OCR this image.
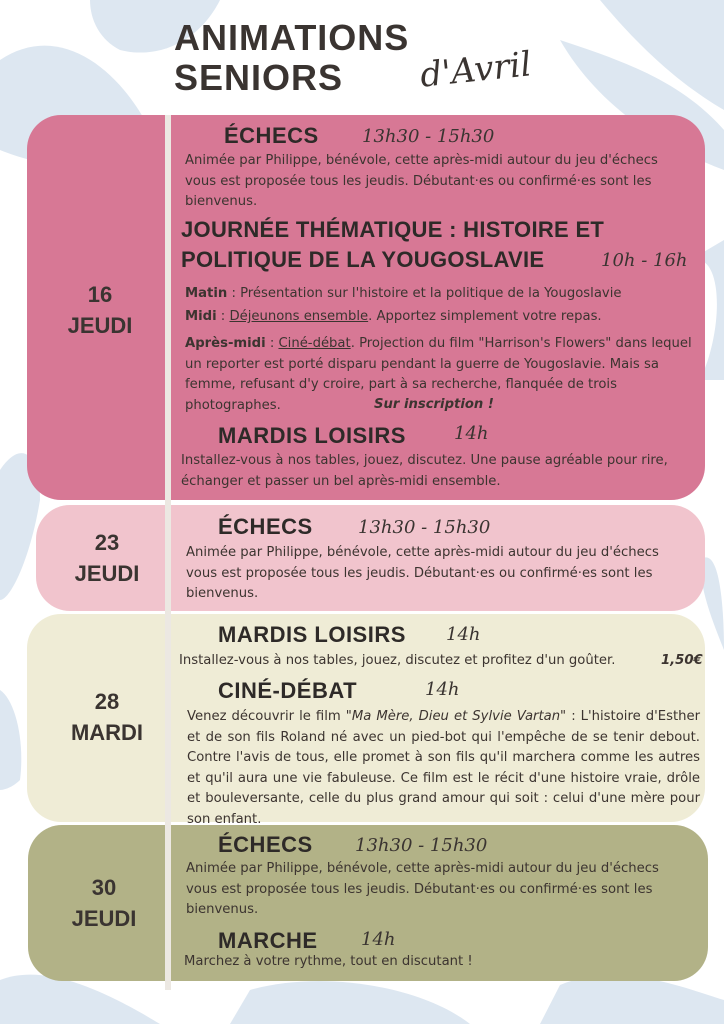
ANIMATIONS
SENIORS	d'Avril
16
JEUDI
ÉCHECS 13h30 - 15h30
Animée par Philippe, bénévole, cette après-midi autour du jeu d'échecs vous est proposée tous les jeudis. Débutant·es ou confirmé·es sont les bienvenus.
JOURNÉE THÉMATIQUE : HISTOIRE ET
POLITIQUE DE LA YOUGOSLAVIE	10h - 16h
Matin : Présentation sur l'histoire et la politique de la Yougoslavie
Midi : Déjeunons ensemble. Apportez simplement votre repas.
Après-midi : Ciné-débat. Projection du film "Harrison's Flowers" dans lequel un reporter est porté disparu pendant la guerre de Yougoslavie. Mais sa femme, refusant d'y croire, part à sa recherche, flanquée de trois photographes.	Sur inscription !
MARDIS LOISIRS	14h
Installez-vous à nos tables, jouez, discutez. Une pause agréable pour rire, échanger et passer un bel après-midi ensemble.
23
JEUDI
ÉCHECS	13h30 - 15h30
Animée par Philippe, bénévole, cette après-midi autour du jeu d'échecs vous est proposée tous les jeudis. Débutant·es ou confirmé·es sont les bienvenus.
28
MARDI
MARDIS LOISIRS 14h
Installez-vous à nos tables, jouez, discutez et profitez d'un goûter.	1,50€
CINÉ-DÉBAT	14h
Venez découvrir le film "Ma Mère, Dieu et Sylvie Vartan" : L'histoire d'Esther et de son fils Roland né avec un pied-bot qui l'empêche de se tenir debout. Contre l'avis de tous, elle promet à son fils qu'il marchera comme les autres et qu'il aura une vie fabuleuse. Ce film est le récit d'une histoire vraie, drôle et bouleversante, celle du plus grand amour qui soit : celui d'une mère pour son enfant.
30
JEUDI
ÉCHECS 13h30 - 15h30
Animée par Philippe, bénévole, cette après-midi autour du jeu d'échecs vous est proposée tous les jeudis. Débutant·es ou confirmé·es sont les bienvenus.
MARCHE 14h
Marchez à votre rythme, tout en discutant !
